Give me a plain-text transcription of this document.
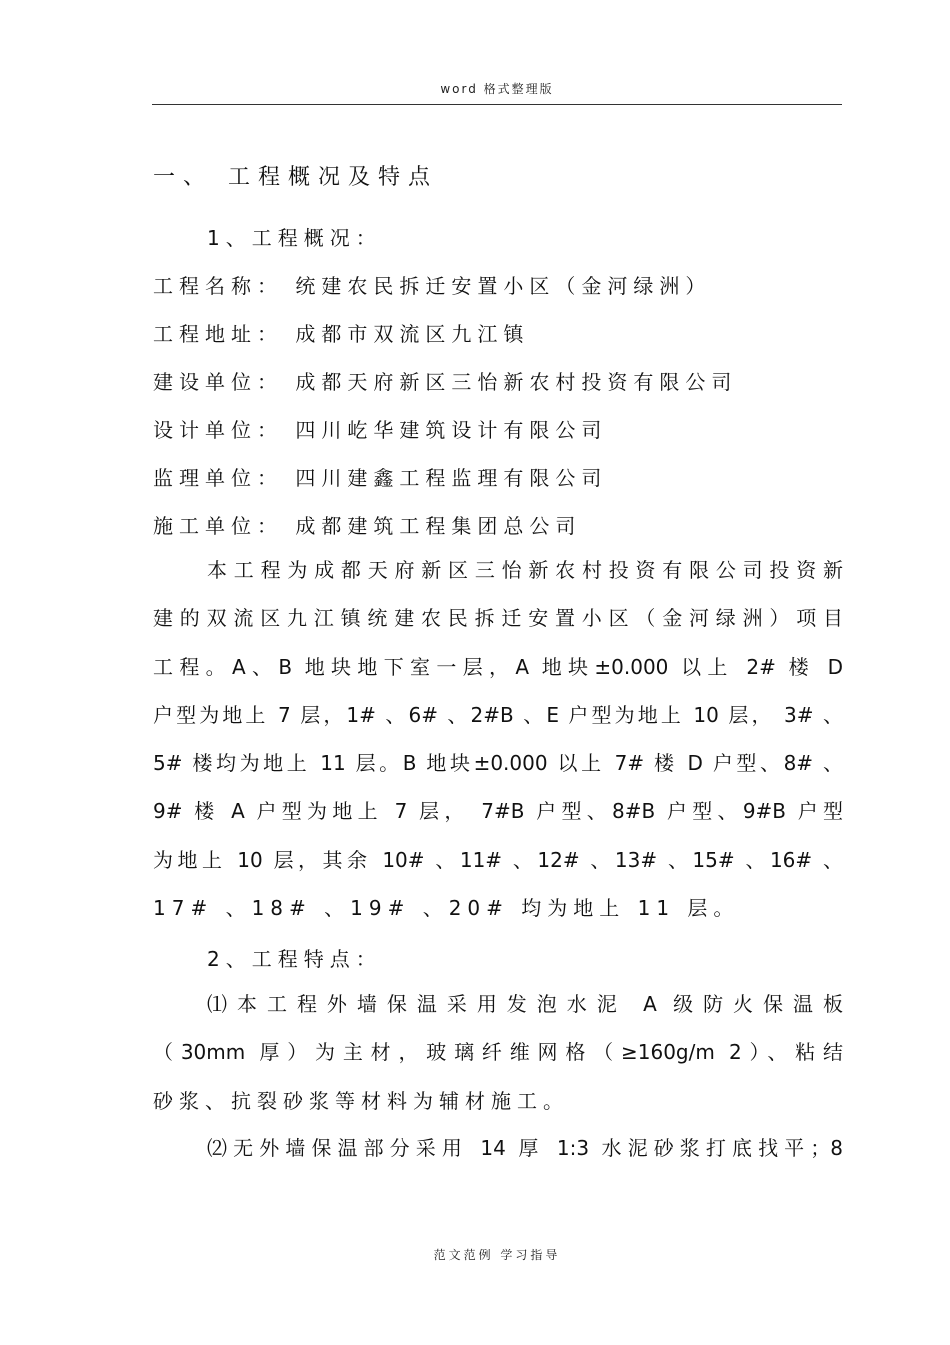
word 格式整理版
一、 工程概况及特点
1、工程概况：
工程名称： 统建农民拆迁安置小区（金河绿洲）
工程地址： 成都市双流区九江镇
建设单位： 成都天府新区三怡新农村投资有限公司
设计单位： 四川屹华建筑设计有限公司
监理单位： 四川建鑫工程监理有限公司
施工单位： 成都建筑工程集团总公司
本工程为成都天府新区三怡新农村投资有限公司投资新
建的双流区九江镇统建农民拆迁安置小区（金河绿洲）项目
工程。A、B 地块地下室一层，A 地块±0.000 以上 2# 楼 D
户型为地上 7 层，1# 、6# 、2#B 、E 户型为地上 10 层， 3# 、
5# 楼均为地上 11 层。B 地块±0.000 以上 7# 楼 D 户型、8# 、
9# 楼 A 户型为地上 7 层， 7#B 户型、8#B 户型、9#B 户型
为地上 10 层，其余 10# 、11# 、12# 、13# 、15# 、16# 、
17# 、18# 、19# 、20# 均为地上 11 层。
2、工程特点：
⑴本工程外墙保温采用发泡水泥 A 级防火保温板
（30mm 厚）为主材，玻璃纤维网格（≥160g/m 2）、粘结
砂浆、抗裂砂浆等材料为辅材施工。
⑵无外墙保温部分采用 14 厚 1:3 水泥砂浆打底找平；8
范文范例 学习指导
